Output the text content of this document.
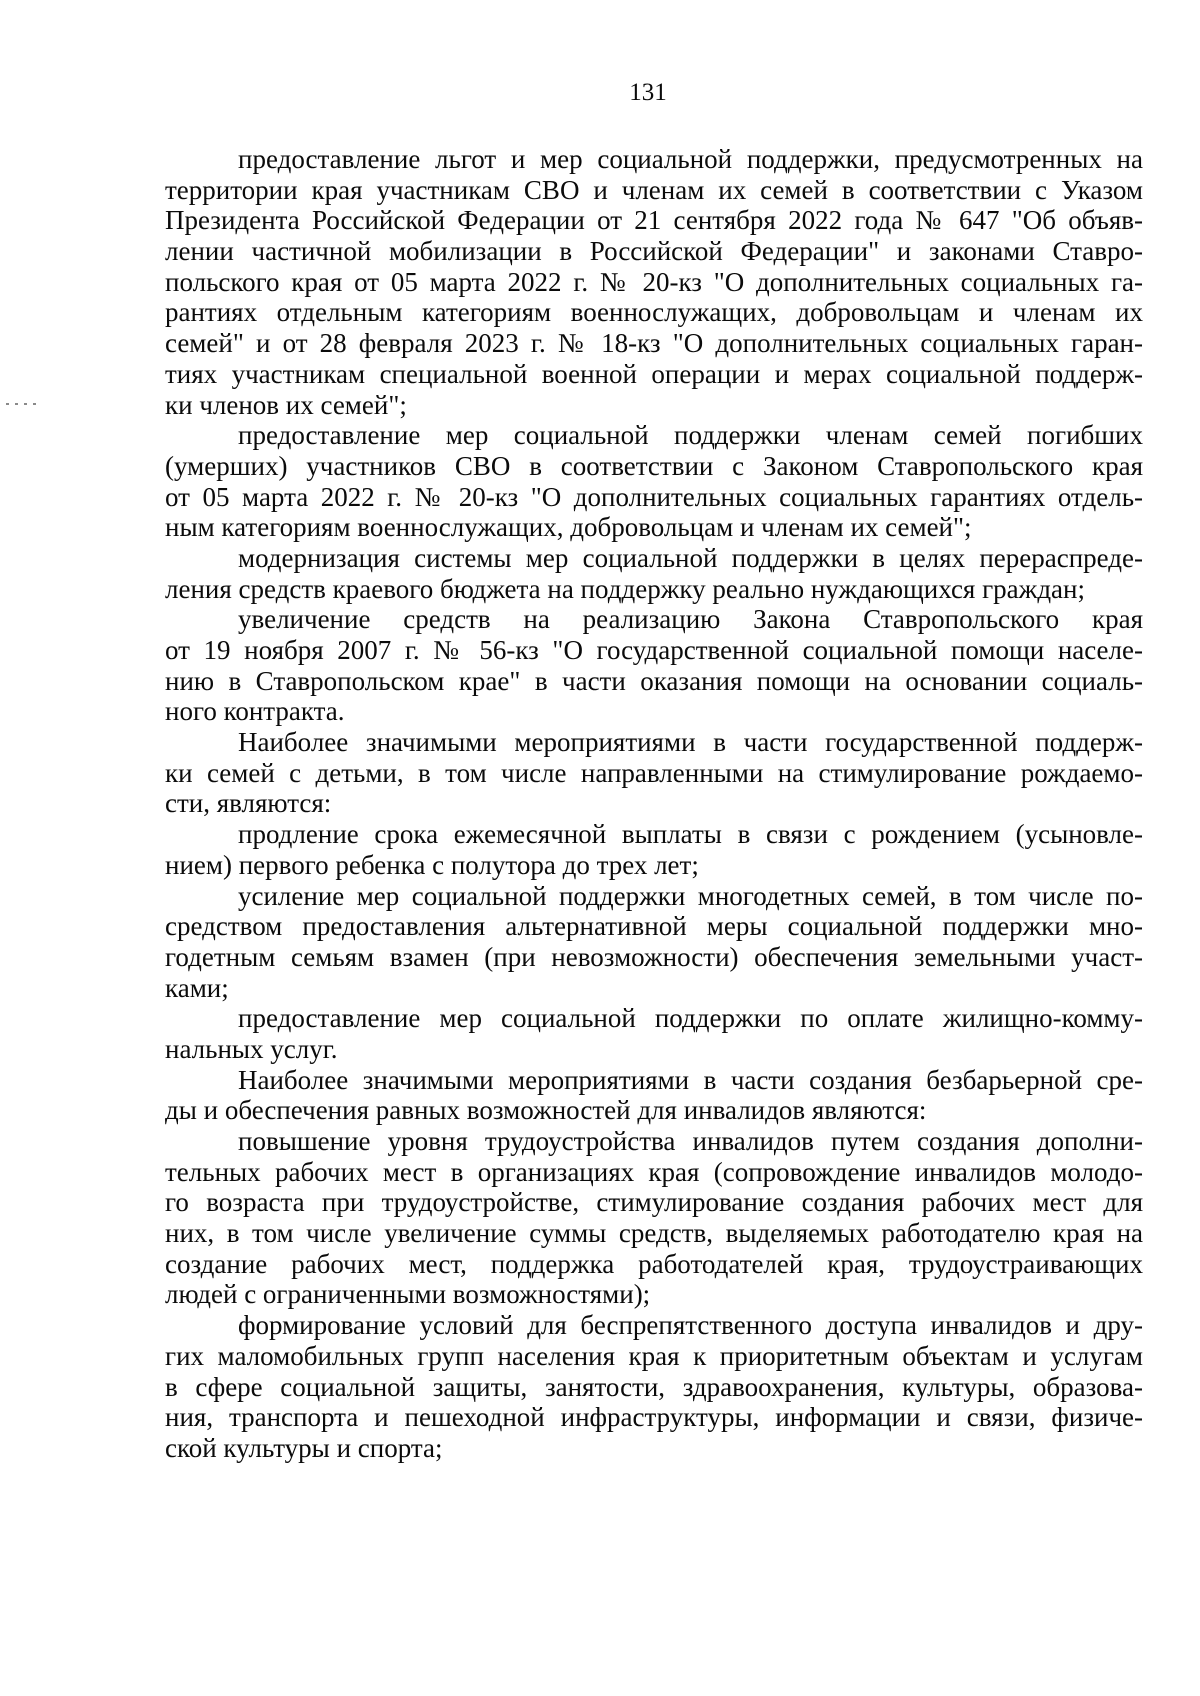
131
предоставление льгот и мер социальной поддержки, предусмотренных на
территории края участникам СВО и членам их семей в соответствии с Указом
Президента Российской Федерации от 21 сентября 2022 года № 647 "Об объяв-
лении частичной мобилизации в Российской Федерации" и законами Ставро-
польского края от 05 марта 2022 г. № 20-кз "О дополнительных социальных га-
рантиях отдельным категориям военнослужащих, добровольцам и членам их
семей" и от 28 февраля 2023 г. № 18-кз "О дополнительных социальных гаран-
тиях участникам специальной военной операции и мерах социальной поддерж-
ки членов их семей";
предоставление мер социальной поддержки членам семей погибших
(умерших) участников СВО в соответствии с Законом Ставропольского края
от 05 марта 2022 г. № 20-кз "О дополнительных социальных гарантиях отдель-
ным категориям военнослужащих, добровольцам и членам их семей";
модернизация системы мер социальной поддержки в целях перераспреде-
ления средств краевого бюджета на поддержку реально нуждающихся граждан;
увеличение средств на реализацию Закона Ставропольского края
от 19 ноября 2007 г. № 56-кз "О государственной социальной помощи населе-
нию в Ставропольском крае" в части оказания помощи на основании социаль-
ного контракта.
Наиболее значимыми мероприятиями в части государственной поддерж-
ки семей с детьми, в том числе направленными на стимулирование рождаемо-
сти, являются:
продление срока ежемесячной выплаты в связи с рождением (усыновле-
нием) первого ребенка с полутора до трех лет;
усиление мер социальной поддержки многодетных семей, в том числе по-
средством предоставления альтернативной меры социальной поддержки мно-
годетным семьям взамен (при невозможности) обеспечения земельными участ-
ками;
предоставление мер социальной поддержки по оплате жилищно-комму-
нальных услуг.
Наиболее значимыми мероприятиями в части создания безбарьерной сре-
ды и обеспечения равных возможностей для инвалидов являются:
повышение уровня трудоустройства инвалидов путем создания дополни-
тельных рабочих мест в организациях края (сопровождение инвалидов молодо-
го возраста при трудоустройстве, стимулирование создания рабочих мест для
них, в том числе увеличение суммы средств, выделяемых работодателю края на
создание рабочих мест, поддержка работодателей края, трудоустраивающих
людей с ограниченными возможностями);
формирование условий для беспрепятственного доступа инвалидов и дру-
гих маломобильных групп населения края к приоритетным объектам и услугам
в сфере социальной защиты, занятости, здравоохранения, культуры, образова-
ния, транспорта и пешеходной инфраструктуры, информации и связи, физиче-
ской культуры и спорта;
